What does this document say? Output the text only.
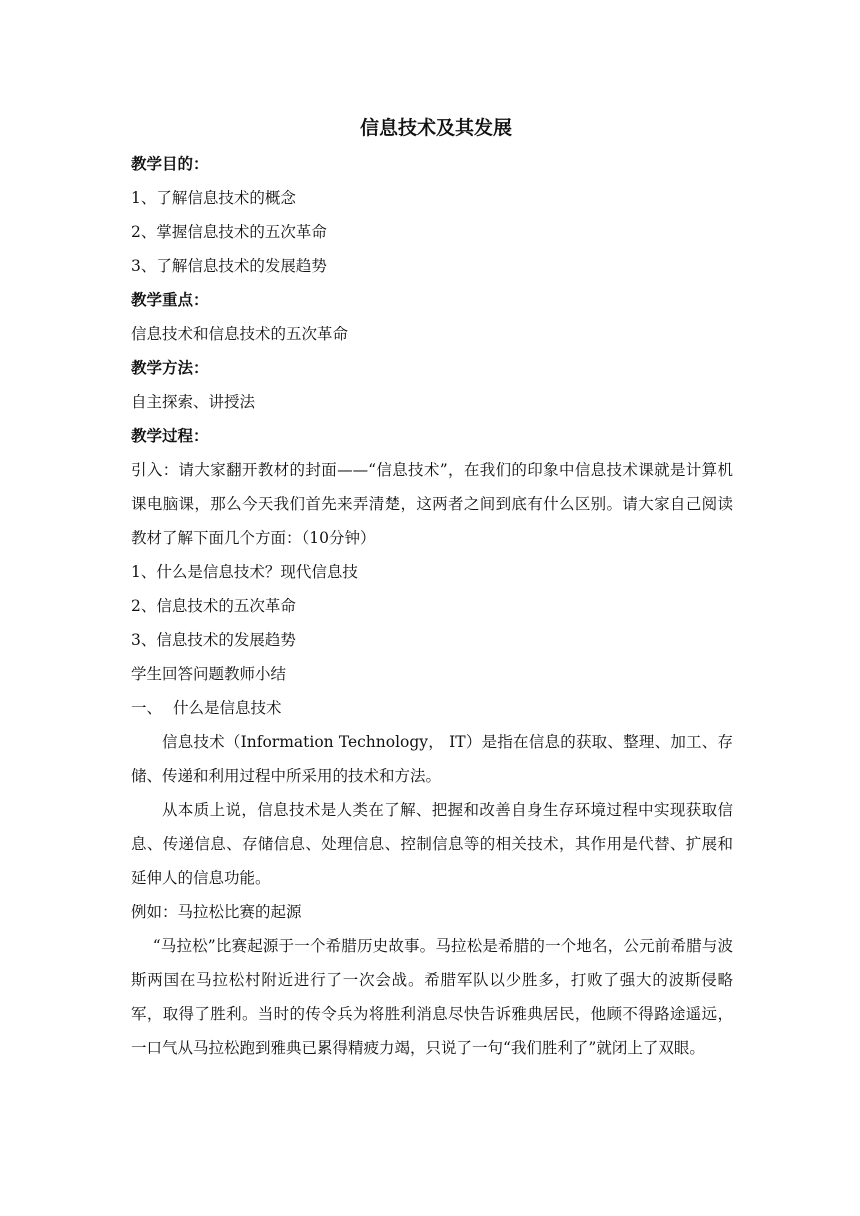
信息技术及其发展
教学目的：
1、了解信息技术的概念
2、掌握信息技术的五次革命
3、了解信息技术的发展趋势
教学重点：
信息技术和信息技术的五次革命
教学方法：
自主探索、讲授法
教学过程：

引入：请大家翻开教材的封面——“信息技术”，在我们的印象中信息技术课就是计算机课电脑课，那么今天我们首先来弄清楚，这两者之间到底有什么区别。请大家自己阅读教材了解下面几个方面：（10分钟）

1、什么是信息技术？现代信息技
2、信息技术的五次革命
3、信息技术的发展趋势
学生回答问题教师小结
一、 什么是信息技术

信息技术（Information Technology， IT）是指在信息的获取、整理、加工、存储、传递和利用过程中所采用的技术和方法。

从本质上说，信息技术是人类在了解、把握和改善自身生存环境过程中实现获取信息、传递信息、存储信息、处理信息、控制信息等的相关技术，其作用是代替、扩展和延伸人的信息功能。

例如：马拉松比赛的起源

“马拉松”比赛起源于一个希腊历史故事。马拉松是希腊的一个地名，公元前希腊与波斯两国在马拉松村附近进行了一次会战。希腊军队以少胜多，打败了强大的波斯侵略军，取得了胜利。当时的传令兵为将胜利消息尽快告诉雅典居民，他顾不得路途遥远，一口气从马拉松跑到雅典已累得精疲力竭，只说了一句“我们胜利了”就闭上了双眼。
